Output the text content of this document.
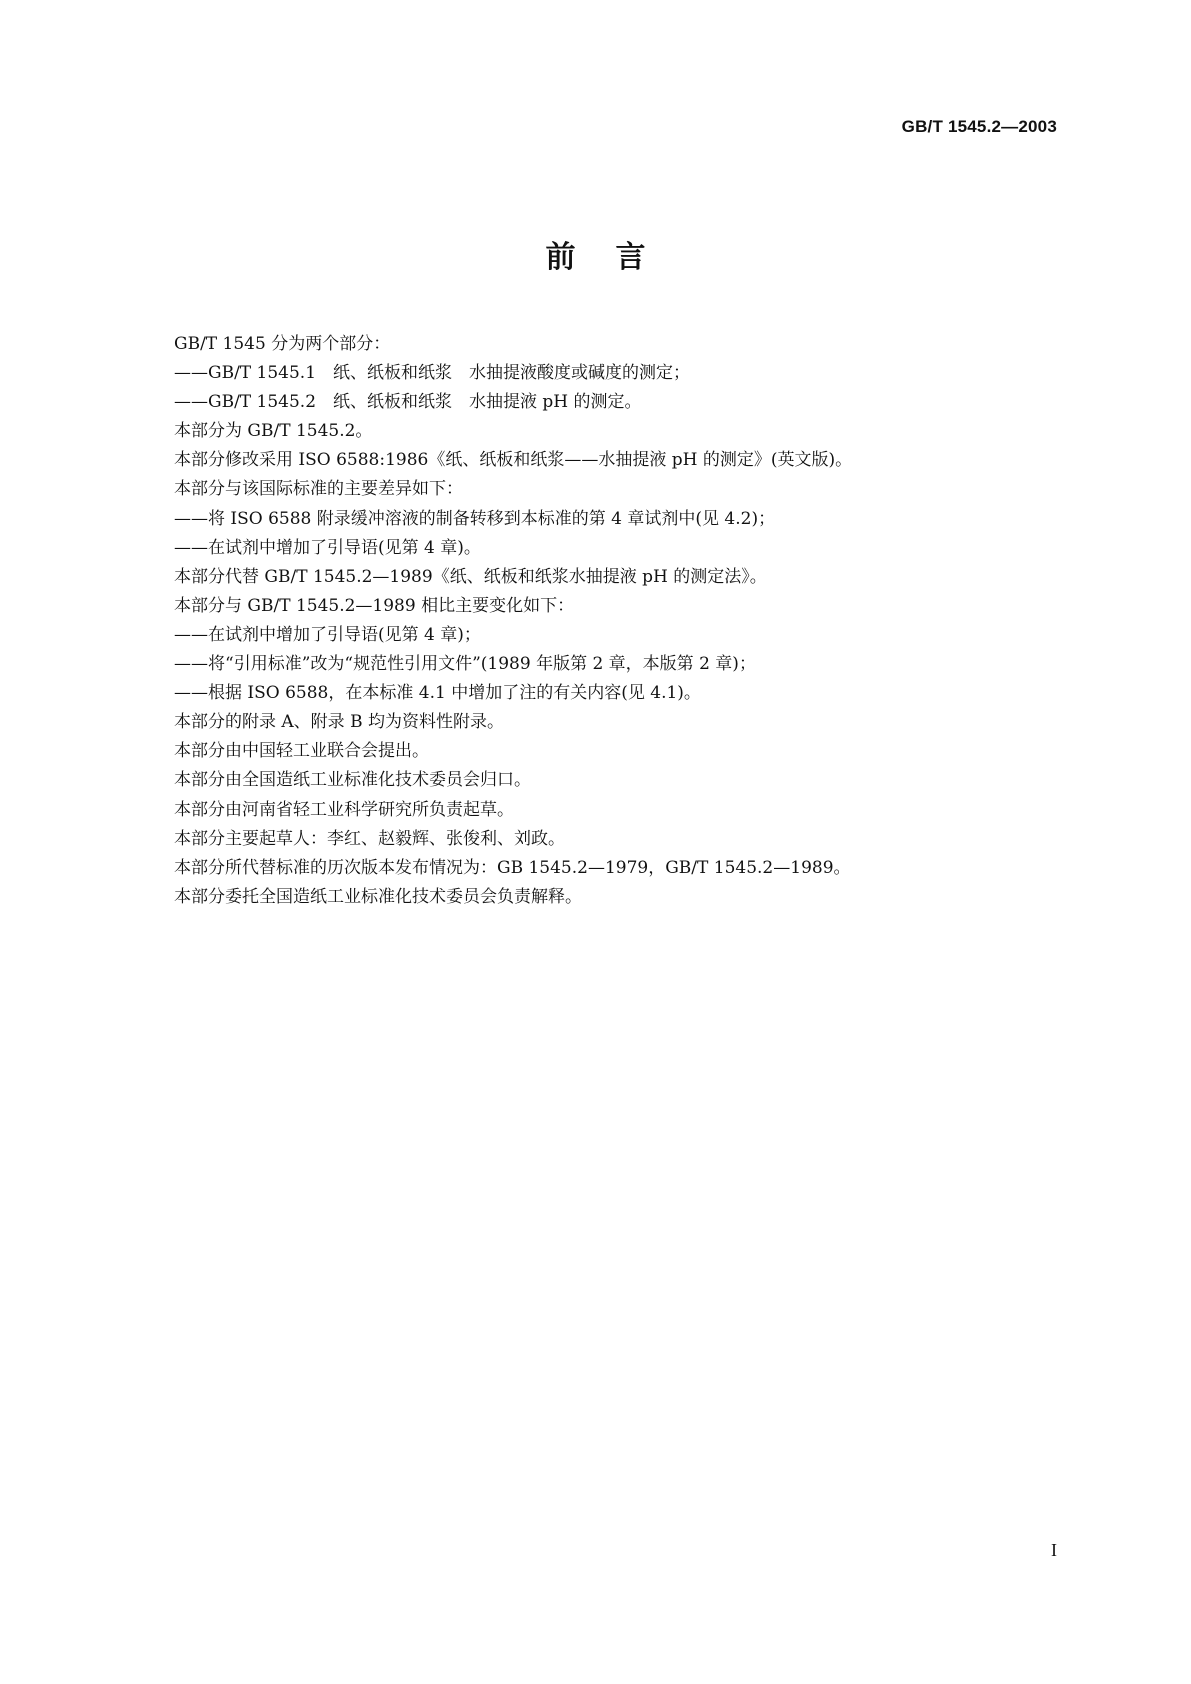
GB/T 1545.2—2003
前言
GB/T 1545 分为两个部分：
——GB/T 1545.1　纸、纸板和纸浆　水抽提液酸度或碱度的测定；
——GB/T 1545.2　纸、纸板和纸浆　水抽提液 pH 的测定。
本部分为 GB/T 1545.2。
本部分修改采用 ISO 6588:1986《纸、纸板和纸浆——水抽提液 pH 的测定》(英文版)。
本部分与该国际标准的主要差异如下：
——将 ISO 6588 附录缓冲溶液的制备转移到本标准的第 4 章试剂中(见 4.2)；
——在试剂中增加了引导语(见第 4 章)。
本部分代替 GB/T 1545.2—1989《纸、纸板和纸浆水抽提液 pH 的测定法》。
本部分与 GB/T 1545.2—1989 相比主要变化如下：
——在试剂中增加了引导语(见第 4 章)；
——将“引用标准”改为“规范性引用文件”(1989 年版第 2 章，本版第 2 章)；
——根据 ISO 6588，在本标准 4.1 中增加了注的有关内容(见 4.1)。
本部分的附录 A、附录 B 均为资料性附录。
本部分由中国轻工业联合会提出。
本部分由全国造纸工业标准化技术委员会归口。
本部分由河南省轻工业科学研究所负责起草。
本部分主要起草人：李红、赵毅辉、张俊利、刘政。
本部分所代替标准的历次版本发布情况为：GB 1545.2—1979，GB/T 1545.2—1989。
本部分委托全国造纸工业标准化技术委员会负责解释。
I
